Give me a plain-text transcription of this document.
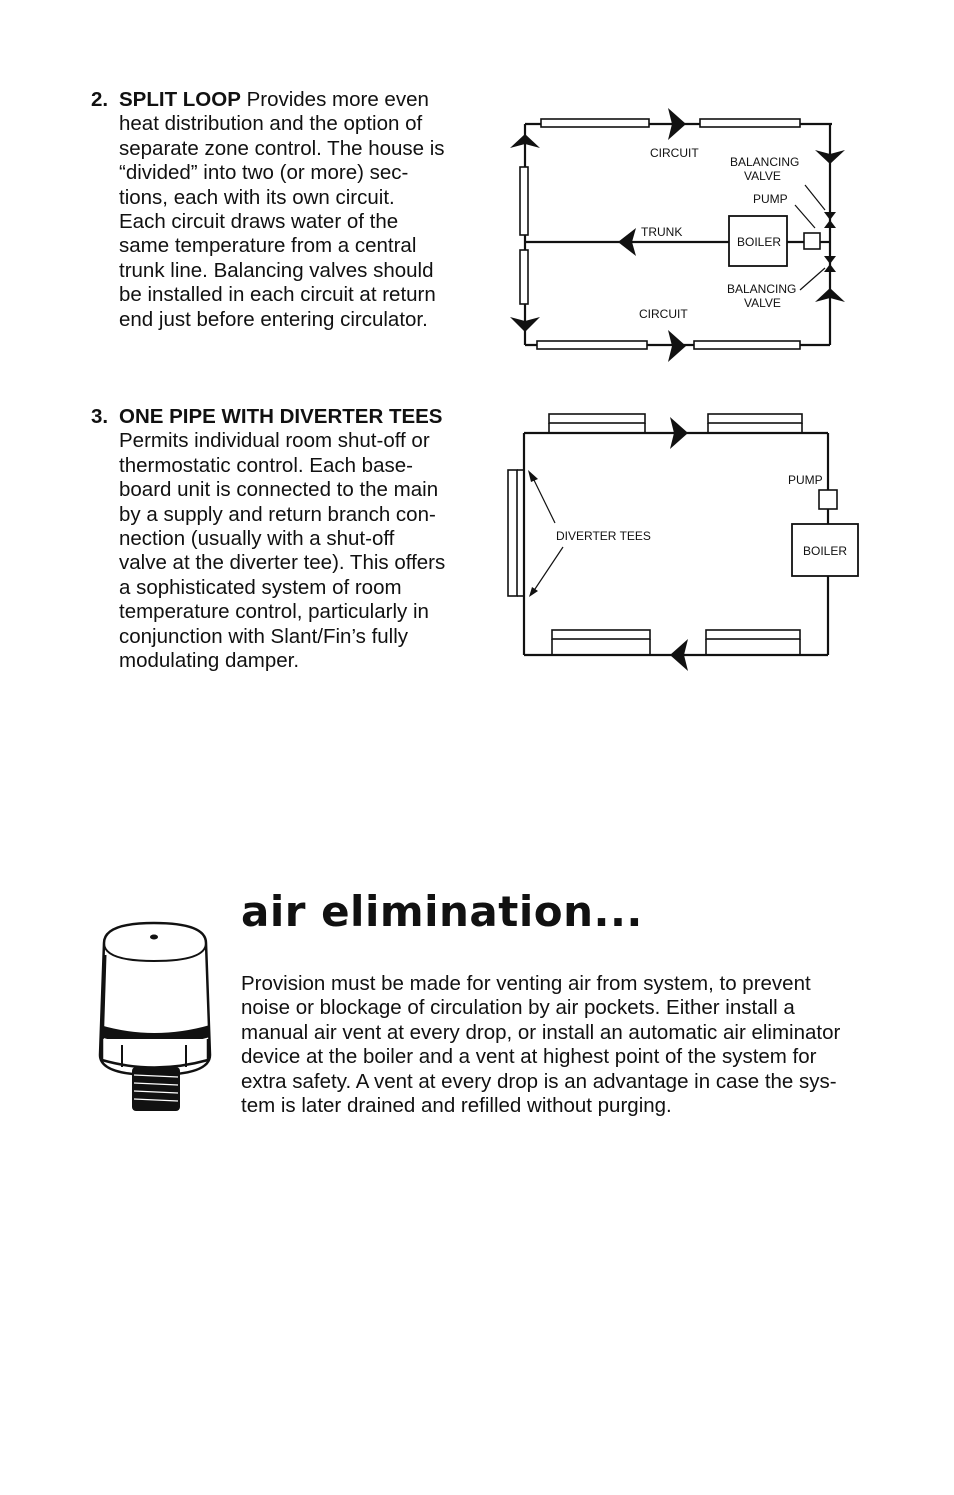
2. SPLIT LOOP Provides more even

heat distribution and the option of

separate zone control. The house is

“divided” into two (or more) sec-

tions, each with its own circuit.

Each circuit draws water of the

same temperature from a central

trunk line. Balancing valves should

be installed in each circuit at return

end just before entering circulator.

CIRCUIT
BALANCING
VALVE
PUMP
TRUNK
BOILER
BALANCING
VALVE
CIRCUIT
3. ONE PIPE WITH DIVERTER TEES

Permits individual room shut-off or

thermostatic control. Each base-

board unit is connected to the main

by a supply and return branch con-

nection (usually with a shut-off

valve at the diverter tee). This offers

a sophisticated system of room

temperature control, particularly in

conjunction with Slant/Fin’s fully

modulating damper.

PUMP
DIVERTER TEES
BOILER
air elimination...

Provision must be made for venting air from system, to prevent

noise or blockage of circulation by air pockets. Either install a

manual air vent at every drop, or install an automatic air eliminator

device at the boiler and a vent at highest point of the system for

extra safety. A vent at every drop is an advantage in case the sys-

tem is later drained and refilled without purging.
